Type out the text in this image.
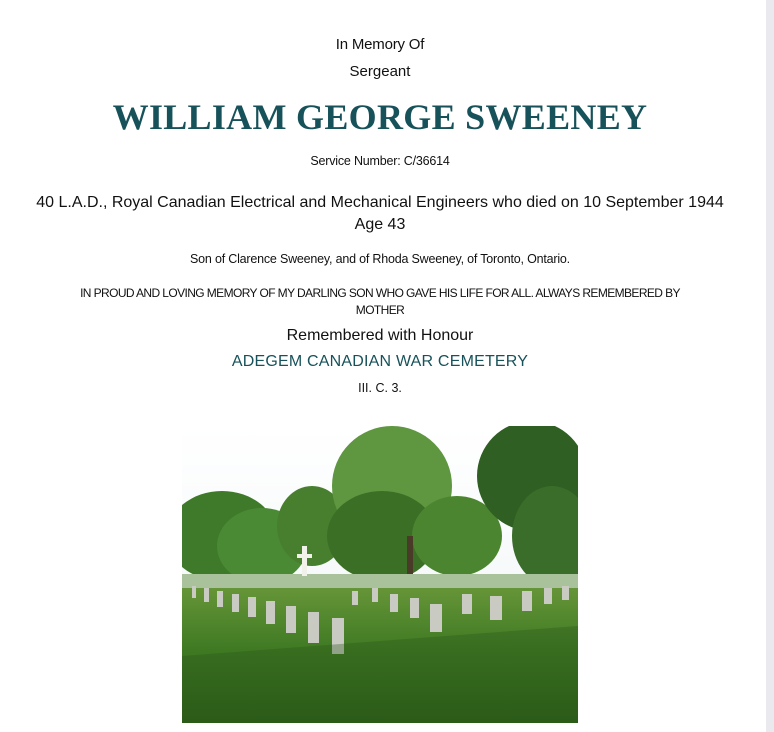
In Memory Of
Sergeant
WILLIAM GEORGE SWEENEY
Service Number: C/36614
40 L.A.D., Royal Canadian Electrical and Mechanical Engineers who died on 10 September 1944
Age 43
Son of Clarence Sweeney, and of Rhoda Sweeney, of Toronto, Ontario.
IN PROUD AND LOVING MEMORY OF MY DARLING SON WHO GAVE HIS LIFE FOR ALL. ALWAYS REMEMBERED BY MOTHER
Remembered with Honour
ADEGEM CANADIAN WAR CEMETERY
III. C. 3.
